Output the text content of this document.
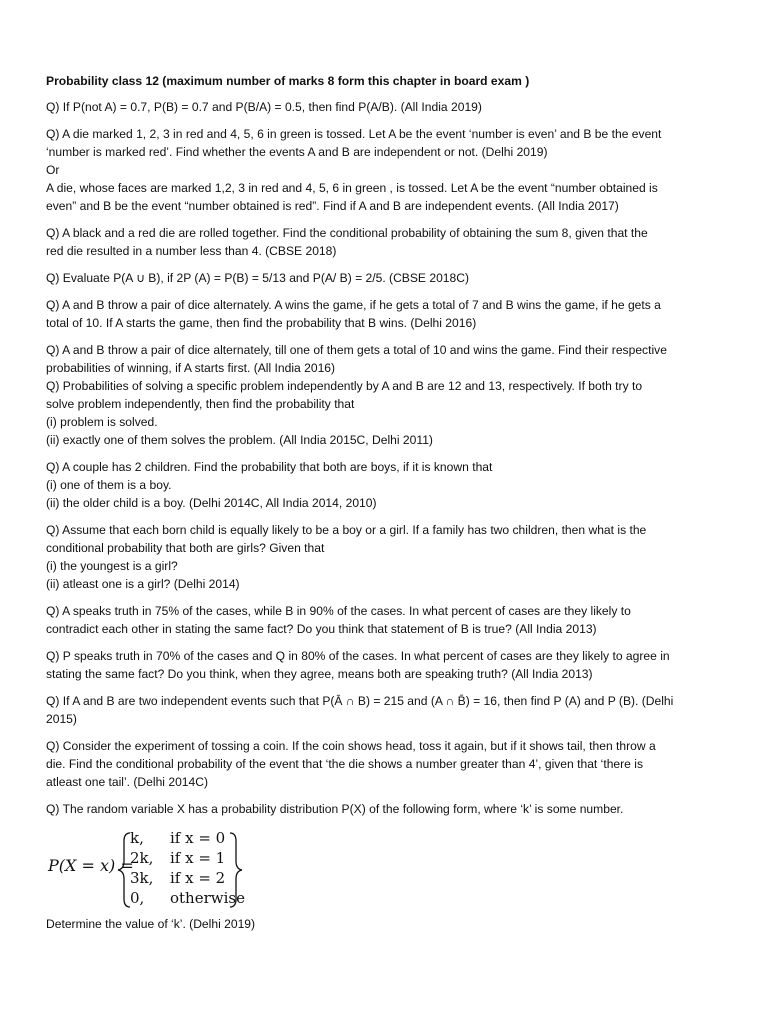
Probability class 12 (maximum number of marks 8 form this chapter in board exam )
Q) If P(not A) = 0.7, P(B) = 0.7 and P(B/A) = 0.5, then find P(A/B). (All India 2019)
Q) A die marked 1, 2, 3 in red and 4, 5, 6 in green is tossed. Let A be the event ‘number is even’ and B be the event
‘number is marked red’. Find whether the events A and B are independent or not. (Delhi 2019)
Or
A die, whose faces are marked 1,2, 3 in red and 4, 5, 6 in green , is tossed. Let A be the event “number obtained is
even” and B be the event “number obtained is red”. Find if A and B are independent events. (All India 2017)
Q) A black and a red die are rolled together. Find the conditional probability of obtaining the sum 8, given that the
red die resulted in a number less than 4. (CBSE 2018)
Q) Evaluate P(A ∪ B), if 2P (A) = P(B) = 5/13 and P(A/ B) = 2/5. (CBSE 2018C)
Q) A and B throw a pair of dice alternately. A wins the game, if he gets a total of 7 and B wins the game, if he gets a
total of 10. If A starts the game, then find the probability that B wins. (Delhi 2016)
Q) A and B throw a pair of dice alternately, till one of them gets a total of 10 and wins the game. Find their respective
probabilities of winning, if A starts first. (All India 2016)
Q) Probabilities of solving a specific problem independently by A and B are 12 and 13, respectively. If both try to
solve problem independently, then find the probability that
(i) problem is solved.
(ii) exactly one of them solves the problem. (All India 2015C, Delhi 2011)
Q) A couple has 2 children. Find the probability that both are boys, if it is known that
(i) one of them is a boy.
(ii) the older child is a boy. (Delhi 2014C, All India 2014, 2010)
Q) Assume that each born child is equally likely to be a boy or a girl. If a family has two children, then what is the
conditional probability that both are girls? Given that
(i) the youngest is a girl?
(ii) atleast one is a girl? (Delhi 2014)
Q) A speaks truth in 75% of the cases, while B in 90% of the cases. In what percent of cases are they likely to
contradict each other in stating the same fact? Do you think that statement of B is true? (All India 2013)
Q) P speaks truth in 70% of the cases and Q in 80% of the cases. In what percent of cases are they likely to agree in
stating the same fact? Do you think, when they agree, means both are speaking truth? (All India 2013)
Q) If A and B are two independent events such that P(Ā ∩ B) = 215 and (A ∩ B̄) = 16, then find P (A) and P (B). (Delhi
2015)
Q) Consider the experiment of tossing a coin. If the coin shows head, toss it again, but if it shows tail, then throw a
die. Find the conditional probability of the event that ‘the die shows a number greater than 4’, given that ‘there is
atleast one tail’. (Delhi 2014C)
Q) The random variable X has a probability distribution P(X) of the following form, where ‘k’ is some number.
P(X = x) =
k, if x = 0
2k, if x = 1
3k, if x = 2
0, otherwise
Determine the value of ‘k’. (Delhi 2019)
